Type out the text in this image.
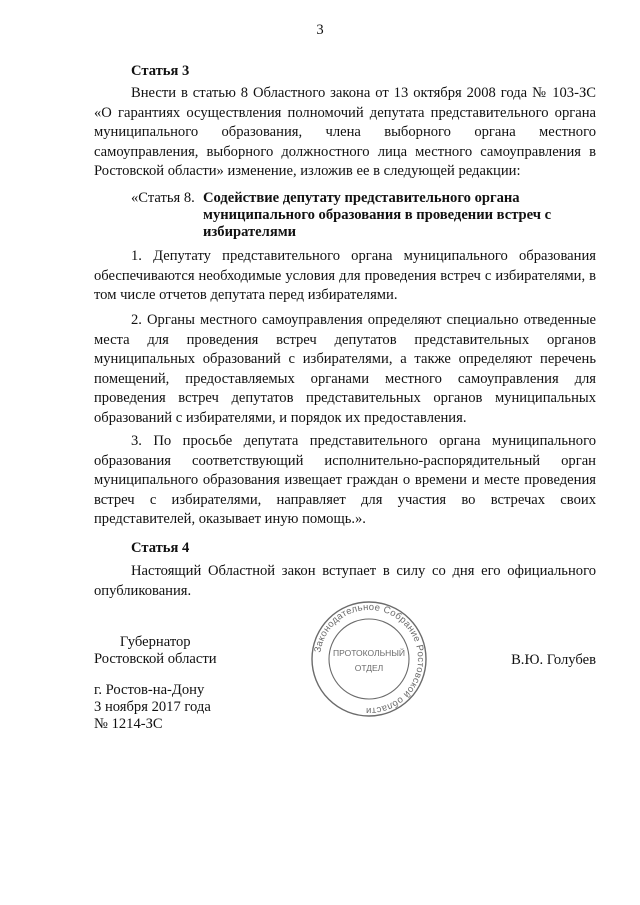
3
Статья 3

Внести в статью 8 Областного закона от 13 октября 2008 года № 103-ЗС «О гарантиях осуществления полномочий депутата представительного органа муниципального образования, члена выборного органа местного самоуправления, выборного должностного лица местного самоуправления в Ростовской области» изменение, изложив ее в следующей редакции:

«Статья 8. Содействие депутату представительного органа муниципального образования в проведении встреч с избирателями

1. Депутату представительного органа муниципального образования обеспечиваются необходимые условия для проведения встреч с избирателями, в том числе отчетов депутата перед избирателями.

2. Органы местного самоуправления определяют специально отведенные места для проведения встреч депутатов представительных органов муниципальных образований с избирателями, а также определяют перечень помещений, предоставляемых органами местного самоуправления для проведения встреч депутатов представительных органов муниципальных образований с избирателями, и порядок их предоставления.

3. По просьбе депутата представительного органа муниципального образования соответствующий исполнительно-распорядительный орган муниципального образования извещает граждан о времени и месте проведения встреч с избирателями, направляет для участия во встречах своих представителей, оказывает иную помощь.».

Статья 4

Настоящий Областной закон вступает в силу со дня его официального опубликования.

Губернатор
Ростовской области	В.Ю. Голубев
г. Ростов-на-Дону
3 ноября 2017 года
№ 1214-ЗС
Законодательное Собрание Ростовской области
ПРОТОКОЛЬНЫЙ
ОТДЕЛ
